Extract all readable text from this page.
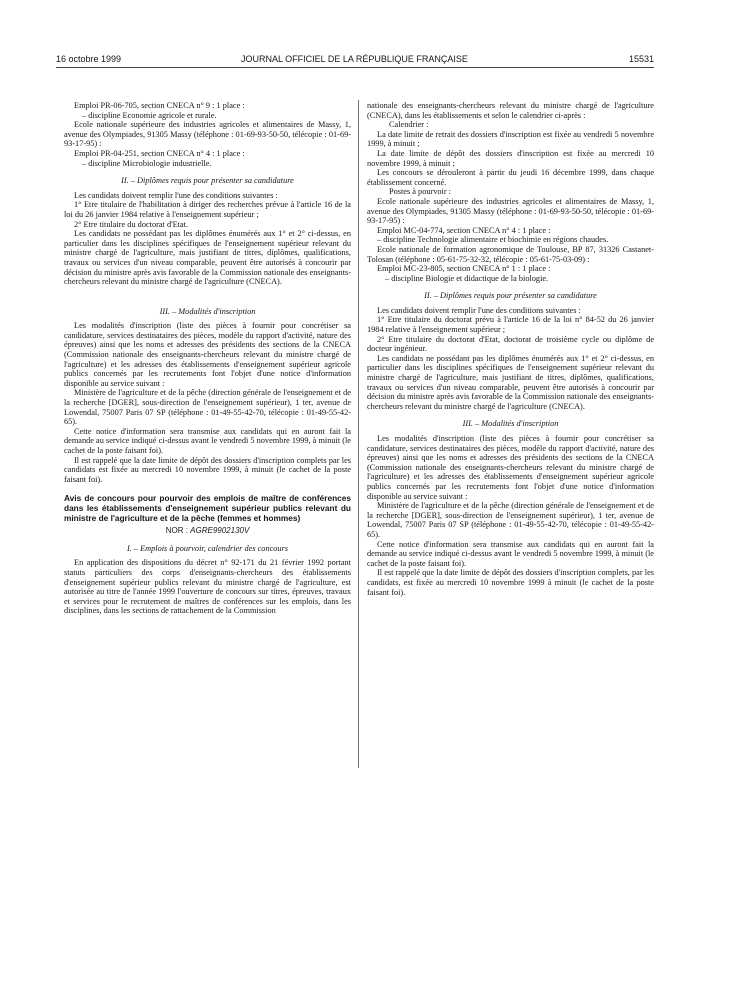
16 octobre 1999	JOURNAL OFFICIEL DE LA RÉPUBLIQUE FRANÇAISE	15531

Emploi PR-06-705, section CNECA n° 9 : 1 place :

– discipline Economie agricole et rurale.

Ecole nationale supérieure des industries agricoles et alimentaires de Massy, 1, avenue des Olympiades, 91305 Massy (téléphone : 01-69-93-50-50, télécopie : 01-69-93-17-95) :

Emploi PR-04-251, section CNECA n° 4 : 1 place :

– discipline Microbiologie industrielle.

II. – Diplômes requis pour présenter sa candidature

Les candidats doivent remplir l'une des conditions suivantes :

1° Etre titulaire de l'habilitation à diriger des recherches prévue à l'article 16 de la loi du 26 janvier 1984 relative à l'enseignement supérieur ;

2° Etre titulaire du doctorat d'Etat.

Les candidats ne possédant pas les diplômes énumérés aux 1° et 2° ci-dessus, en particulier dans les disciplines spécifiques de l'enseignement supérieur relevant du ministre chargé de l'agriculture, mais justifiant de titres, diplômes, qualifications, travaux ou services d'un niveau comparable, peuvent être autorisés à concourir par décision du ministre après avis favorable de la Commission nationale des enseignants-chercheurs relevant du ministre chargé de l'agriculture (CNECA).

III. – Modalités d'inscription

Les modalités d'inscription (liste des pièces à fournir pour concrétiser sa candidature, services destinataires des pièces, modèle du rapport d'activité, nature des épreuves) ainsi que les noms et adresses des présidents des sections de la CNECA (Commission nationale des enseignants-chercheurs relevant du ministre chargé de l'agriculture) et les adresses des établissements d'enseignement supérieur agricole publics concernés par les recrutements font l'objet d'une notice d'information disponible au service suivant :

Ministère de l'agriculture et de la pêche (direction générale de l'enseignement et de la recherche [DGER], sous-direction de l'enseignement supérieur), 1 ter, avenue de Lowendal, 75007 Paris 07 SP (téléphone : 01-49-55-42-70, télécopie : 01-49-55-42-65).

Cette notice d'information sera transmise aux candidats qui en auront fait la demande au service indiqué ci-dessus avant le vendredi 5 novembre 1999, à minuit (le cachet de la poste faisant foi).

Il est rappelé que la date limite de dépôt des dossiers d'inscription complets par les candidats est fixée au mercredi 10 novembre 1999, à minuit (le cachet de la poste faisant foi).

Avis de concours pour pourvoir des emplois de maître de conférences dans les établissements d'enseignement supérieur publics relevant du ministre de l'agriculture et de la pêche (femmes et hommes)
NOR : AGRE9902130V
I. – Emplois à pourvoir, calendrier des concours

En application des dispositions du décret n° 92-171 du 21 février 1992 portant statuts particuliers des corps d'enseignants-chercheurs des établissements d'enseignement supérieur publics relevant du ministre chargé de l'agriculture, est autorisée au titre de l'année 1999 l'ouverture de concours sur titres, épreuves, travaux et services pour le recrutement de maîtres de conférences sur les emplois, dans les disciplines, dans les sections de rattachement de la Commission

nationale des enseignants-chercheurs relevant du ministre chargé de l'agriculture (CNECA), dans les établissements et selon le calendrier ci-après :

Calendrier :

La date limite de retrait des dossiers d'inscription est fixée au vendredi 5 novembre 1999, à minuit ;

La date limite de dépôt des dossiers d'inscription est fixée au mercredi 10 novembre 1999, à minuit ;

Les concours se dérouleront à partir du jeudi 16 décembre 1999, dans chaque établissement concerné.

Postes à pourvoir :

Ecole nationale supérieure des industries agricoles et alimentaires de Massy, 1, avenue des Olympiades, 91305 Massy (téléphone : 01-69-93-50-50, télécopie : 01-69-93-17-95) :

Emploi MC-04-774, section CNECA n° 4 : 1 place :

– discipline Technologie alimentaire et biochimie en régions chaudes.

Ecole nationale de formation agronomique de Toulouse, BP 87, 31326 Castanet-Tolosan (téléphone : 05-61-75-32-32, télécopie : 05-61-75-03-09) :

Emploi MC-23-805, section CNECA n° 1 : 1 place :

– discipline Biologie et didactique de la biologie.

II. – Diplômes requis pour présenter sa candidature

Les candidats doivent remplir l'une des conditions suivantes :

1° Etre titulaire du doctorat prévu à l'article 16 de la loi n° 84-52 du 26 janvier 1984 relative à l'enseignement supérieur ;

2° Etre titulaire du doctorat d'Etat, doctorat de troisième cycle ou diplôme de docteur ingénieur.

Les candidats ne possédant pas les diplômes énumérés aux 1° et 2° ci-dessus, en particulier dans les disciplines spécifiques de l'enseignement supérieur relevant du ministre chargé de l'agriculture, mais justifiant de titres, diplômes, qualifications, travaux ou services d'un niveau comparable, peuvent être autorisés à concourir par décision du ministre après avis favorable de la Commission nationale des enseignants-chercheurs relevant du ministre chargé de l'agriculture (CNECA).

III. – Modalités d'inscription

Les modalités d'inscription (liste des pièces à fournir pour concrétiser sa candidature, services destinataires des pièces, modèle du rapport d'activité, nature des épreuves) ainsi que les noms et adresses des présidents des sections de la CNECA (Commission nationale des enseignants-chercheurs relevant du ministre chargé de l'agriculture) et les adresses des établissements d'enseignement supérieur agricole publics concernés par les recrutements font l'objet d'une notice d'information disponible au service suivant :

Ministère de l'agriculture et de la pêche (direction générale de l'enseignement et de la recherche [DGER], sous-direction de l'enseignement supérieur), 1 ter, avenue de Lowendal, 75007 Paris 07 SP (téléphone : 01-49-55-42-70, télécopie : 01-49-55-42-65).

Cette notice d'information sera transmise aux candidats qui en auront fait la demande au service indiqué ci-dessus avant le vendredi 5 novembre 1999, à minuit (le cachet de la poste faisant foi).

Il est rappelé que la date limite de dépôt des dossiers d'inscription complets, par les candidats, est fixée au mercredi 10 novembre 1999 à minuit (le cachet de la poste faisant foi).
